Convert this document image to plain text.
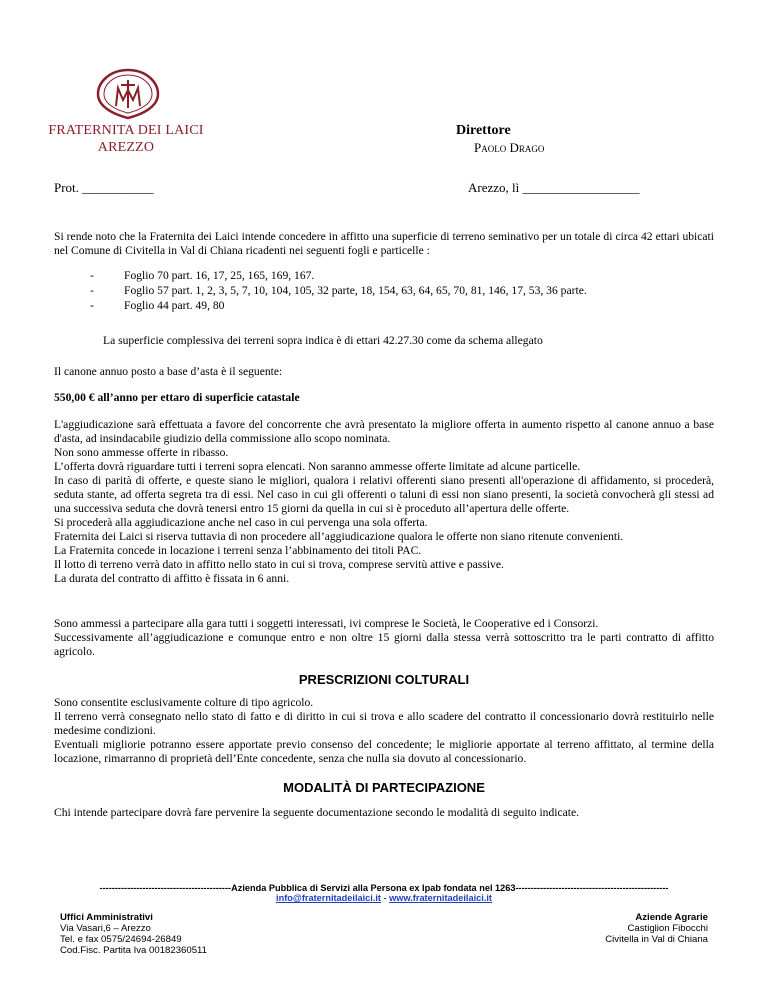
FRATERNITA DEI LAICI
AREZZO
Direttore
Paolo Drago
Prot. ___________	Arezzo, lì __________________
Si rende noto che la Fraternita dei Laici intende concedere in affitto una superficie di terreno seminativo per un totale di circa 42 ettari ubicati nel Comune di Civitella in Val di Chiana ricadenti nei seguenti fogli e particelle :
-	Foglio 70 part. 16, 17, 25, 165, 169, 167.
-	Foglio 57 part. 1, 2, 3, 5, 7, 10, 104, 105, 32 parte, 18, 154, 63, 64, 65, 70, 81, 146, 17, 53, 36 parte.
-	Foglio 44 part. 49, 80
La superficie complessiva dei terreni sopra indica è di ettari 42.27.30 come da schema allegato
Il canone annuo posto a base d’asta è il seguente:
550,00 € all’anno per ettaro di superficie catastale
L'aggiudicazione sarà effettuata a favore del concorrente che avrà presentato la migliore offerta in aumento rispetto al canone annuo a base d'asta, ad insindacabile giudizio della commissione allo scopo nominata.
Non sono ammesse offerte in ribasso.
L’offerta dovrà riguardare tutti i terreni sopra elencati. Non saranno ammesse offerte limitate ad alcune particelle.
In caso di parità di offerte, e queste siano le migliori, qualora i relativi offerenti siano presenti all'operazione di affidamento, si procederà, seduta stante, ad offerta segreta tra di essi. Nel caso in cui gli offerenti o taluni di essi non siano presenti, la società convocherà gli stessi ad una successiva seduta che dovrà tenersi entro 15 giorni da quella in cui si è proceduto all’apertura delle offerte.
Si procederà alla aggiudicazione anche nel caso in cui pervenga una sola offerta.
Fraternita dei Laici si riserva tuttavia di non procedere all’aggiudicazione qualora le offerte non siano ritenute convenienti.
La Fraternita concede in locazione i terreni senza l’abbinamento dei titoli PAC.
Il lotto di terreno verrà dato in affitto nello stato in cui si trova, comprese servitù attive e passive.
La durata del contratto di affitto è fissata in 6 anni.
Sono ammessi a partecipare alla gara tutti i soggetti interessati, ivi comprese le Società, le Cooperative ed i Consorzi.
Successivamente all’aggiudicazione e comunque entro e non oltre 15 giorni dalla stessa verrà sottoscritto tra le parti contratto di affitto agricolo.
PRESCRIZIONI COLTURALI
Sono consentite esclusivamente colture di tipo agricolo.
Il terreno verrà consegnato nello stato di fatto e di diritto in cui si trova e allo scadere del contratto il concessionario dovrà restituirlo nelle medesime condizioni.
Eventuali migliorie potranno essere apportate previo consenso del concedente; le migliorie apportate al terreno affittato, al termine della locazione, rimarranno di proprietà dell’Ente concedente, senza che nulla sia dovuto al concessionario.
MODALITÀ DI PARTECIPAZIONE
Chi intende partecipare dovrà fare pervenire la seguente documentazione secondo le modalità di seguito indicate.
-------------------------------------------Azienda Pubblica di Servizi alla Persona ex Ipab fondata nel 1263--------------------------------------------------
info@fraternitadeilaici.it - www.fraternitadeilaici.it
Uffici Amministrativi
Via Vasari,6 – Arezzo
Tel. e fax 0575/24694-26849
Cod.Fisc. Partita Iva 00182360511
Aziende Agrarie
Castiglion Fibocchi
Civitella in Val di Chiana
